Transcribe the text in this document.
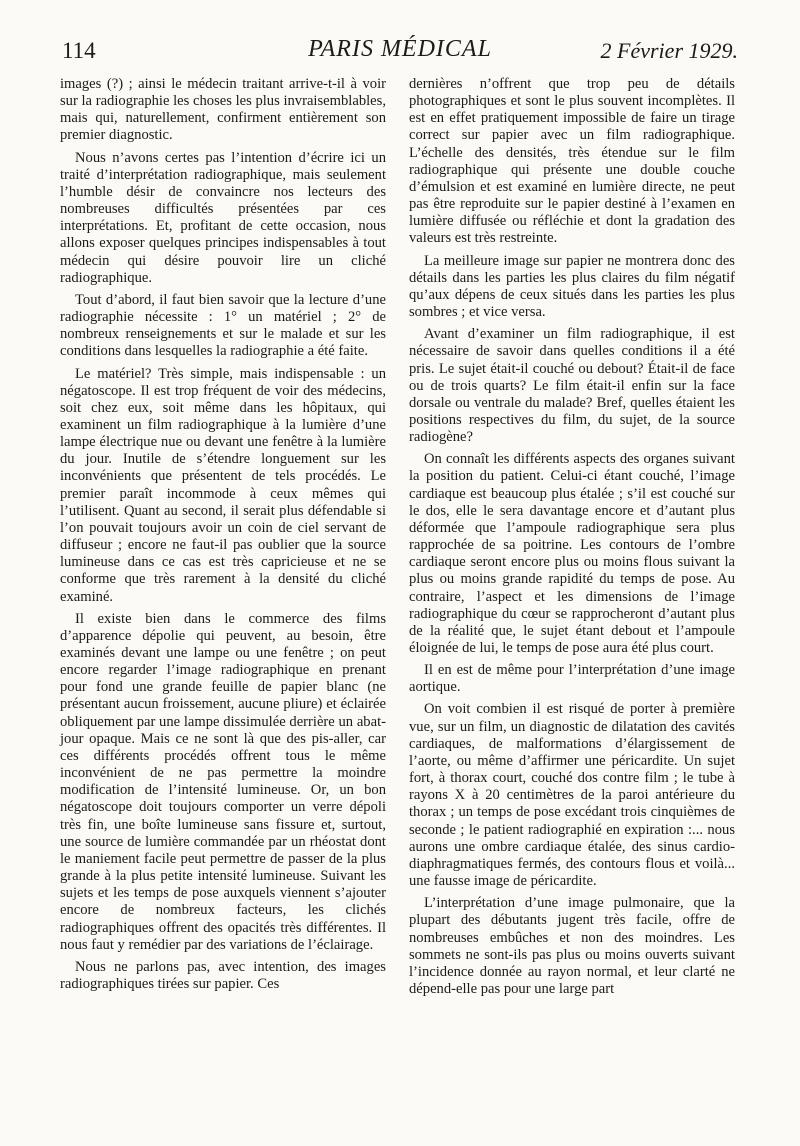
114	PARIS MÉDICAL	2 Février 1929.

images (?) ; ainsi le médecin traitant arrive-t-il à voir sur la radiographie les choses les plus invraisemblables, mais qui, naturellement, confirment entièrement son premier diagnostic.

Nous n’avons certes pas l’intention d’écrire ici un traité d’interprétation radiographique, mais seulement l’humble désir de convaincre nos lecteurs des nombreuses difficultés présentées par ces interprétations. Et, profitant de cette occasion, nous allons exposer quelques principes indispensables à tout médecin qui désire pouvoir lire un cliché radiographique.

Tout d’abord, il faut bien savoir que la lecture d’une radiographie nécessite : 1° un matériel ; 2° de nombreux renseignements et sur le malade et sur les conditions dans lesquelles la radiographie a été faite.

Le matériel? Très simple, mais indispensable : un négatoscope. Il est trop fréquent de voir des médecins, soit chez eux, soit même dans les hôpitaux, qui examinent un film radiographique à la lumière d’une lampe électrique nue ou devant une fenêtre à la lumière du jour. Inutile de s’étendre longuement sur les inconvénients que présentent de tels procédés. Le premier paraît incommode à ceux mêmes qui l’utilisent. Quant au second, il serait plus défendable si l’on pouvait toujours avoir un coin de ciel servant de diffuseur ; encore ne faut-il pas oublier que la source lumineuse dans ce cas est très capricieuse et ne se conforme que très rarement à la densité du cliché examiné.

Il existe bien dans le commerce des films d’apparence dépolie qui peuvent, au besoin, être examinés devant une lampe ou une fenêtre ; on peut encore regarder l’image radiographique en prenant pour fond une grande feuille de papier blanc (ne présentant aucun froissement, aucune pliure) et éclairée obliquement par une lampe dissimulée derrière un abat-jour opaque. Mais ce ne sont là que des pis-aller, car ces différents procédés offrent tous le même inconvénient de ne pas permettre la moindre modification de l’intensité lumineuse. Or, un bon négatoscope doit toujours comporter un verre dépoli très fin, une boîte lumineuse sans fissure et, surtout, une source de lumière commandée par un rhéostat dont le maniement facile peut permettre de passer de la plus grande à la plus petite intensité lumineuse. Suivant les sujets et les temps de pose auxquels viennent s’ajouter encore de nombreux facteurs, les clichés radiographiques offrent des opacités très différentes. Il nous faut y remédier par des variations de l’éclairage.

Nous ne parlons pas, avec intention, des images radiographiques tirées sur papier. Ces

dernières n’offrent que trop peu de détails photographiques et sont le plus souvent incomplètes. Il est en effet pratiquement impossible de faire un tirage correct sur papier avec un film radiographique. L’échelle des densités, très étendue sur le film radiographique qui présente une double couche d’émulsion et est examiné en lumière directe, ne peut pas être reproduite sur le papier destiné à l’examen en lumière diffusée ou réfléchie et dont la gradation des valeurs est très restreinte.

La meilleure image sur papier ne montrera donc des détails dans les parties les plus claires du film négatif qu’aux dépens de ceux situés dans les parties les plus sombres ; et vice versa.

Avant d’examiner un film radiographique, il est nécessaire de savoir dans quelles conditions il a été pris. Le sujet était-il couché ou debout? Était-il de face ou de trois quarts? Le film était-il enfin sur la face dorsale ou ventrale du malade? Bref, quelles étaient les positions respectives du film, du sujet, de la source radiogène?

On connaît les différents aspects des organes suivant la position du patient. Celui-ci étant couché, l’image cardiaque est beaucoup plus étalée ; s’il est couché sur le dos, elle le sera davantage encore et d’autant plus déformée que l’ampoule radiographique sera plus rapprochée de sa poitrine. Les contours de l’ombre cardiaque seront encore plus ou moins flous suivant la plus ou moins grande rapidité du temps de pose. Au contraire, l’aspect et les dimensions de l’image radiographique du cœur se rapprocheront d’autant plus de la réalité que, le sujet étant debout et l’ampoule éloignée de lui, le temps de pose aura été plus court.

Il en est de même pour l’interprétation d’une image aortique.

On voit combien il est risqué de porter à première vue, sur un film, un diagnostic de dilatation des cavités cardiaques, de malformations d’élargissement de l’aorte, ou même d’affirmer une péricardite. Un sujet fort, à thorax court, couché dos contre film ; le tube à rayons X à 20 centimètres de la paroi antérieure du thorax ; un temps de pose excédant trois cinquièmes de seconde ; le patient radiographié en expiration :... nous aurons une ombre cardiaque étalée, des sinus cardio-diaphragmatiques fermés, des contours flous et voilà... une fausse image de péricardite.

L’interprétation d’une image pulmonaire, que la plupart des débutants jugent très facile, offre de nombreuses embûches et non des moindres. Les sommets ne sont-ils pas plus ou moins ouverts suivant l’incidence donnée au rayon normal, et leur clarté ne dépend-elle pas pour une large part
